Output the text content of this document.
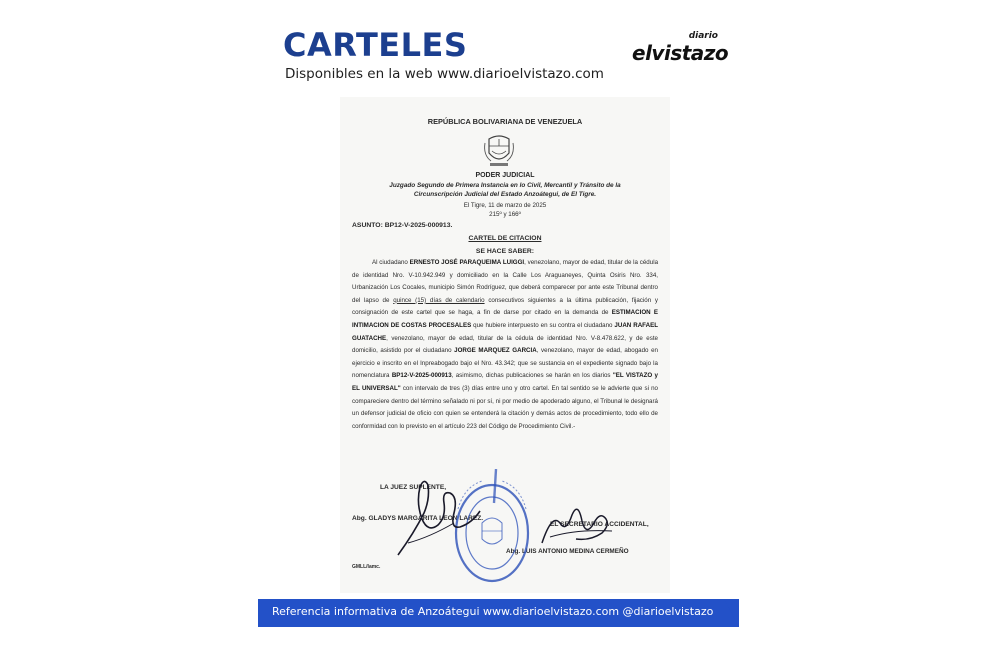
CARTELES
Disponibles en la web www.diarioelvistazo.com
diario
elvistazo
REPÚBLICA BOLIVARIANA DE VENEZUELA
PODER JUDICIAL
Juzgado Segundo de Primera Instancia en lo Civil, Mercantil y Tránsito de la
Circunscripción Judicial del Estado Anzoátegui, de El Tigre.
El Tigre, 11 de marzo de 2025
215º y 166º
ASUNTO: BP12-V-2025-000913.
CARTEL DE CITACION
SE HACE SABER:
Al ciudadano ERNESTO JOSÉ PARAQUEIMA LUIGGI, venezolano, mayor de edad, titular de la cédula de identidad Nro. V-10.942.949 y domiciliado en la Calle Los Araguaneyes, Quinta Osiris Nro. 334, Urbanización Los Cocales, municipio Simón Rodríguez, que deberá comparecer por ante este Tribunal dentro del lapso de quince (15) días de calendario consecutivos siguientes a la última publicación, fijación y consignación de este cartel que se haga, a fin de darse por citado en la demanda de ESTIMACION E INTIMACION DE COSTAS PROCESALES que hubiere interpuesto en su contra el ciudadano JUAN RAFAEL GUATACHE, venezolano, mayor de edad, titular de la cédula de identidad Nro. V-8.478.622, y de este domicilio, asistido por el ciudadano JORGE MARQUEZ GARCIA, venezolano, mayor de edad, abogado en ejercicio e inscrito en el Inpreabogado bajo el Nro. 43.342; que se sustancia en el expediente signado bajo la nomenclatura BP12-V-2025-000913, asimismo, dichas publicaciones se harán en los diarios "EL VISTAZO y EL UNIVERSAL" con intervalo de tres (3) días entre uno y otro cartel. En tal sentido se le advierte que si no compareciere dentro del término señalado ni por sí, ni por medio de apoderado alguno, el Tribunal le designará un defensor judicial de oficio con quien se entenderá la citación y demás actos de procedimiento, todo ello de conformidad con lo previsto en el artículo 223 del Código de Procedimiento Civil.-
LA JUEZ SUPLENTE,
Abg. GLADYS MARGARITA LEON LAREZ.
EL SECRETARIO ACCIDENTAL,
Abg. LUIS ANTONIO MEDINA CERMEÑO
GMLL/lamc.
Referencia informativa de Anzoátegui www.diarioelvistazo.com @diarioelvistazo
